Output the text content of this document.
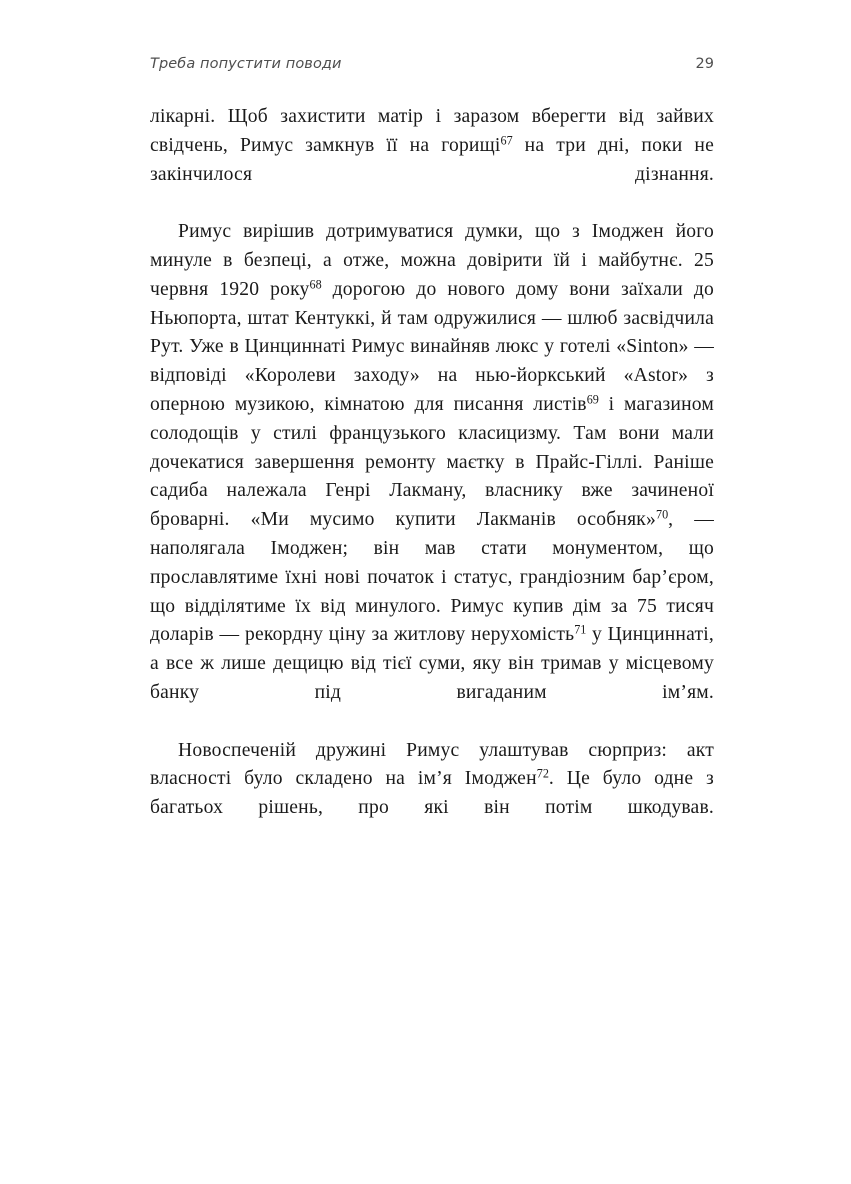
Треба попустити поводи	29

лікарні. Щоб захистити матір і заразом вберегти від зайвих свідчень, Римус замкнув її на горищі$^{67}$ на три дні, поки не закінчилося дізнання.

Римус вирішив дотримуватися думки, що з Імоджен його минуле в безпеці, а отже, можна довірити їй і майбутнє. 25 червня 1920 року$^{68}$ дорогою до нового дому вони заїхали до Ньюпорта, штат Кентуккі, й там одружилися — шлюб засвідчила Рут. Уже в Цинциннаті Римус винайняв люкс у готелі «Sinton» — відповіді «Королеви заходу» на нью-йоркський «Astor» з оперною музикою, кімнатою для писання листів$^{69}$ і магазином солодощів у стилі французького класицизму. Там вони мали дочекатися завершення ремонту маєтку в Прайс-Гіллі. Раніше садиба належала Генрі Лакману, власнику вже зачиненої броварні. «Ми мусимо купити Лакманів особняк»$^{70}$, — наполягала Імоджен; він мав стати монументом, що прославлятиме їхні нові початок і статус, грандіозним бар’єром, що відділятиме їх від минулого. Римус купив дім за 75 тисяч доларів — рекордну ціну за житлову нерухомість$^{71}$ у Цинциннаті, а все ж лише дещицю від тієї суми, яку він тримав у місцевому банку під вигаданим ім’ям.

Новоспеченій дружині Римус улаштував сюрприз: акт власності було складено на ім’я Імоджен$^{72}$. Це було одне з багатьох рішень, про які він потім шкодував.
